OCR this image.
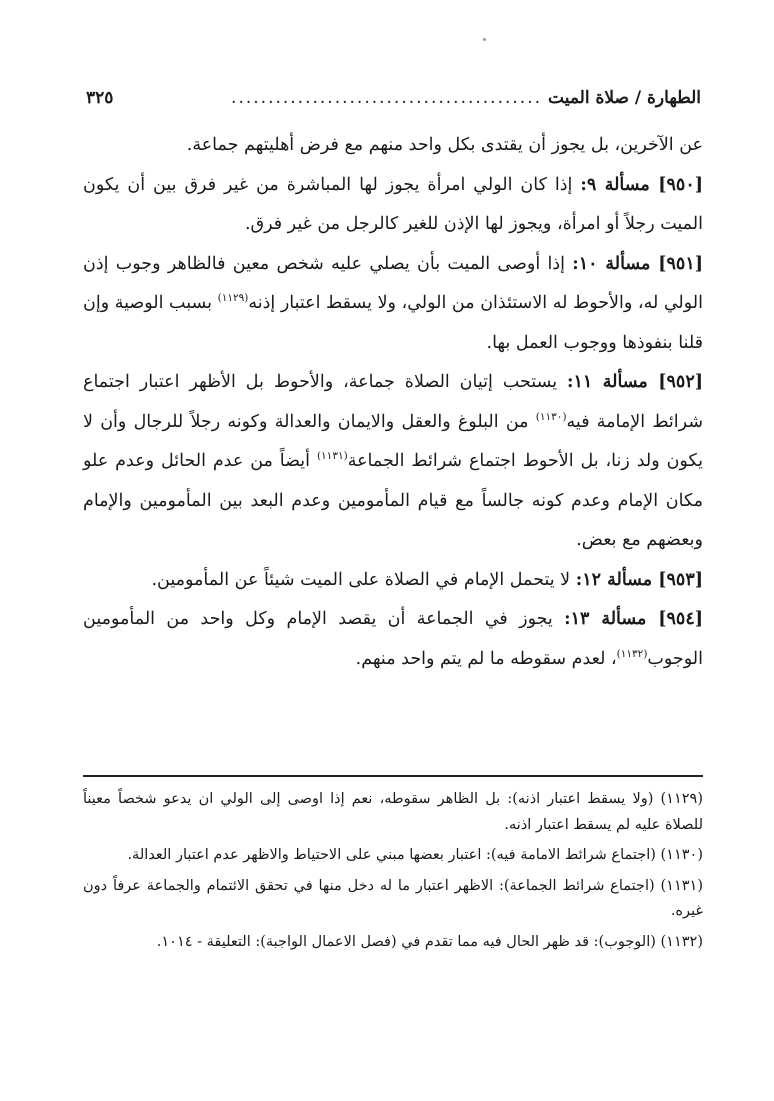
الطهارة / صلاة الميت
..........................................
٣٢٥

عن الآخرين، بل يجوز أن يقتدى بكل واحد منهم مع فرض أهليتهم جماعة.

[٩٥٠] مسألة ٩: إذا كان الولي امرأة يجوز لها المباشرة من غير فرق بين أن يكون الميت رجلاً أو امرأة، ويجوز لها الإذن للغير كالرجل من غير فرق.

[٩٥١] مسألة ١٠: إذا أوصى الميت بأن يصلي عليه شخص معين فالظاهر وجوب إذن الولي له، والأحوط له الاستئذان من الولي، ولا يسقط اعتبار إذنه$^{(١١٢٩)}$ بسبب الوصية وإن قلنا بنفوذها ووجوب العمل بها.

[٩٥٢] مسألة ١١: يستحب إتيان الصلاة جماعة، والأحوط بل الأظهر اعتبار اجتماع شرائط الإمامة فيه$^{(١١٣٠)}$ من البلوغ والعقل والايمان والعدالة وكونه رجلاً للرجال وأن لا يكون ولد زنا، بل الأحوط اجتماع شرائط الجماعة$^{(١١٣١)}$ أيضاً من عدم الحائل وعدم علو مكان الإمام وعدم كونه جالساً مع قيام المأمومين وعدم البعد بين المأمومين والإمام وبعضهم مع بعض.

[٩٥٣] مسألة ١٢: لا يتحمل الإمام في الصلاة على الميت شيئاً عن المأمومين.

[٩٥٤] مسألة ١٣: يجوز في الجماعة أن يقصد الإمام وكل واحد من المأمومين الوجوب$^{(١١٣٢)}$، لعدم سقوطه ما لم يتم واحد منهم.

(١١٢٩) (ولا يسقط اعتبار اذنه): بل الظاهر سقوطه، نعم إذا اوصى إلى الولي ان يدعو شخصاً معيناً للصلاة عليه لم يسقط اعتبار اذنه.

(١١٣٠) (اجتماع شرائط الامامة فيه): اعتبار بعضها مبني على الاحتياط والاظهر عدم اعتبار العدالة.

(١١٣١) (اجتماع شرائط الجماعة): الاظهر اعتبار ما له دخل منها في تحقق الائتمام والجماعة عرفاً دون غيره.

(١١٣٢) (الوجوب): قد ظهر الحال فيه مما تقدم في (فصل الاعمال الواجبة): التعليقة - ١٠١٤.
